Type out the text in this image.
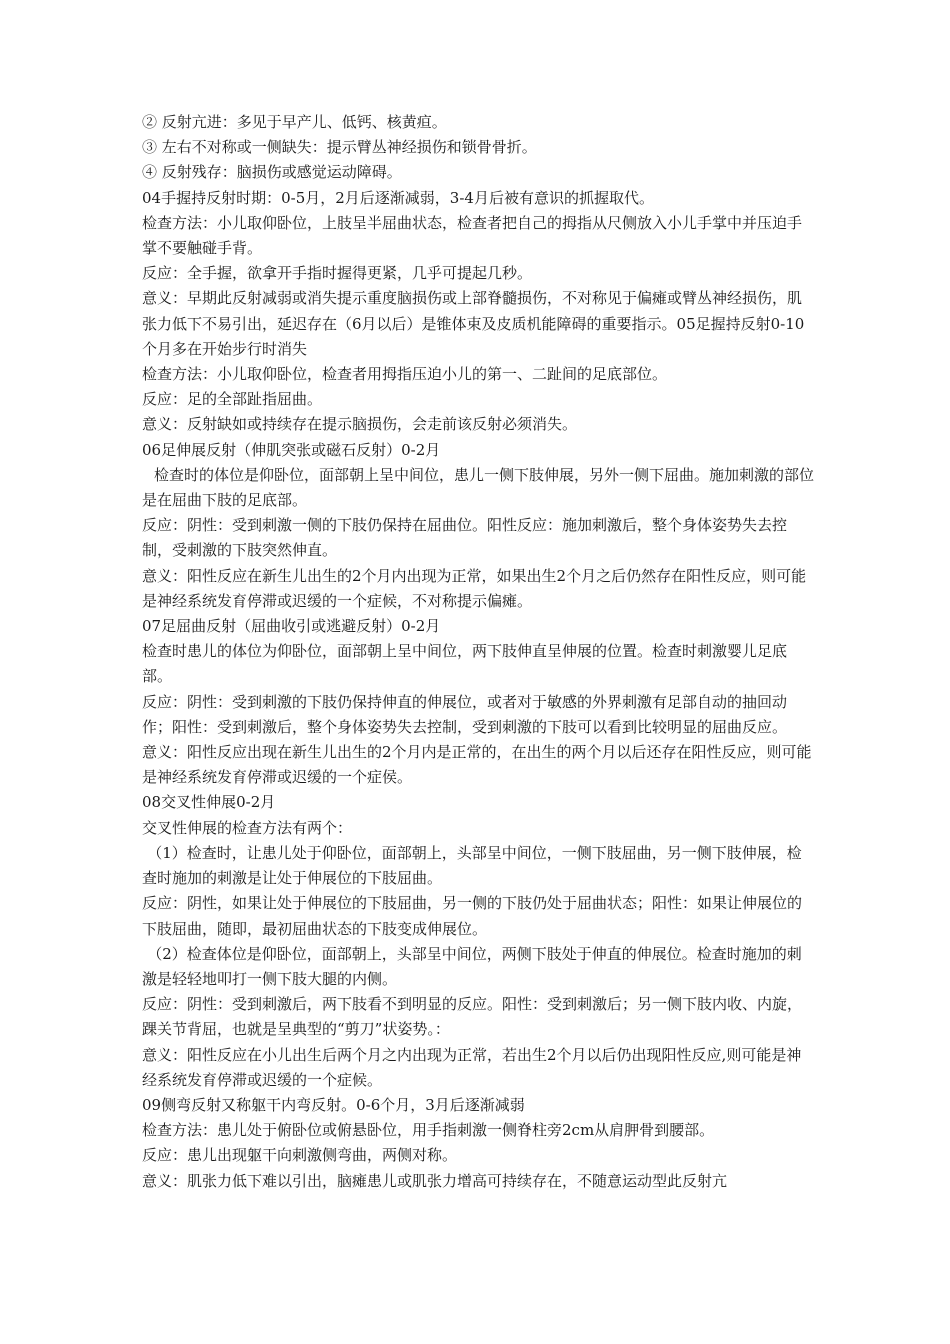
② 反射亢进：多见于早产儿、低钙、核黄疸。

③ 左右不对称或一侧缺失：提示臂丛神经损伤和锁骨骨折。

④ 反射残存：脑损伤或感觉运动障碍。

04手握持反射时期：0-5月，2月后逐渐减弱，3-4月后被有意识的抓握取代。

检查方法：小儿取仰卧位，上肢呈半屈曲状态，检查者把自己的拇指从尺侧放入小儿手掌中并压迫手掌不要触碰手背。

反应：全手握，欲拿开手指时握得更紧，几乎可提起几秒。

意义：早期此反射减弱或消失提示重度脑损伤或上部脊髓损伤，不对称见于偏瘫或臂丛神经损伤，肌张力低下不易引出，延迟存在（6月以后）是锥体束及皮质机能障碍的重要指示。05足握持反射0-10个月多在开始步行时消失

检查方法：小儿取仰卧位，检查者用拇指压迫小儿的第一、二趾间的足底部位。

反应：足的全部趾指屈曲。

意义：反射缺如或持续存在提示脑损伤，会走前该反射必须消失。

06足伸展反射（伸肌突张或磁石反射）0-2月

检查时的体位是仰卧位，面部朝上呈中间位，患儿一侧下肢伸展，另外一侧下屈曲。施加刺激的部位是在屈曲下肢的足底部。

反应：阴性：受到刺激一侧的下肢仍保持在屈曲位。阳性反应：施加刺激后，整个身体姿势失去控制，受刺激的下肢突然伸直。

意义：阳性反应在新生儿出生的2个月内出现为正常，如果出生2个月之后仍然存在阳性反应，则可能是神经系统发育停滞或迟缓的一个症候，不对称提示偏瘫。

07足屈曲反射（屈曲收引或逃避反射）0-2月

检查时患儿的体位为仰卧位，面部朝上呈中间位，两下肢伸直呈伸展的位置。检查时刺激婴儿足底部。

反应：阴性：受到刺激的下肢仍保持伸直的伸展位，或者对于敏感的外界刺激有足部自动的抽回动作；阳性：受到刺激后，整个身体姿势失去控制，受到刺激的下肢可以看到比较明显的屈曲反应。

意义：阳性反应出现在新生儿出生的2个月内是正常的，在出生的两个月以后还存在阳性反应，则可能是神经系统发育停滞或迟缓的一个症侯。

08交叉性伸展0-2月

交叉性伸展的检查方法有两个：

（1）检查时，让患儿处于仰卧位，面部朝上，头部呈中间位，一侧下肢屈曲，另一侧下肢伸展，检查时施加的刺激是让处于伸展位的下肢屈曲。

反应：阴性，如果让处于伸展位的下肢屈曲，另一侧的下肢仍处于屈曲状态；阳性：如果让伸展位的下肢屈曲，随即，最初屈曲状态的下肢变成伸展位。

（2）检查体位是仰卧位，面部朝上，头部呈中间位，两侧下肢处于伸直的伸展位。检查时施加的刺激是轻轻地叩打一侧下肢大腿的内侧。

反应：阴性：受到刺激后，两下肢看不到明显的反应。阳性：受到刺激后；另一侧下肢内收、内旋，踝关节背屈，也就是呈典型的“剪刀”状姿势。：

意义：阳性反应在小儿出生后两个月之内出现为正常，若出生2个月以后仍出现阳性反应,则可能是神经系统发育停滞或迟缓的一个症候。

09侧弯反射又称躯干内弯反射。0-6个月，3月后逐渐减弱

检查方法：患儿处于俯卧位或俯悬卧位，用手指刺激一侧脊柱旁2cm从肩胛骨到腰部。

反应：患儿出现躯干向刺激侧弯曲，两侧对称。

意义：肌张力低下难以引出，脑瘫患儿或肌张力增高可持续存在，不随意运动型此反射亢
